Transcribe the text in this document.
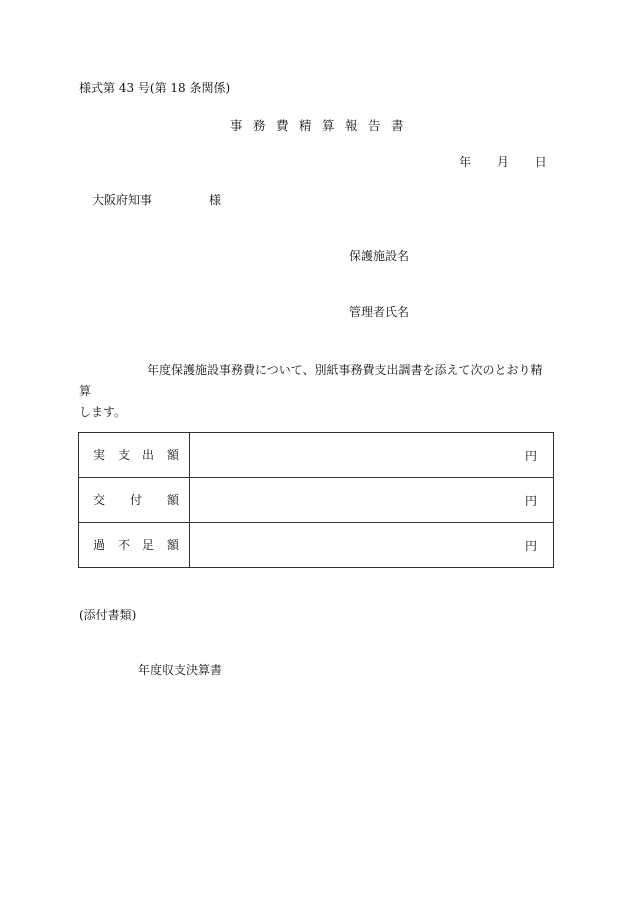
様式第 43 号(第 18 条関係)
事務費精算報告書
年 月 日
大阪府知事	様
保護施設名
管理者氏名
年度保護施設事務費について、別紙事務費支出調書を添えて次のとおり精算
します。
実 支 出 額	円

交 付 額	円

過 不 足 額	円
(添付書類)
年度収支決算書
